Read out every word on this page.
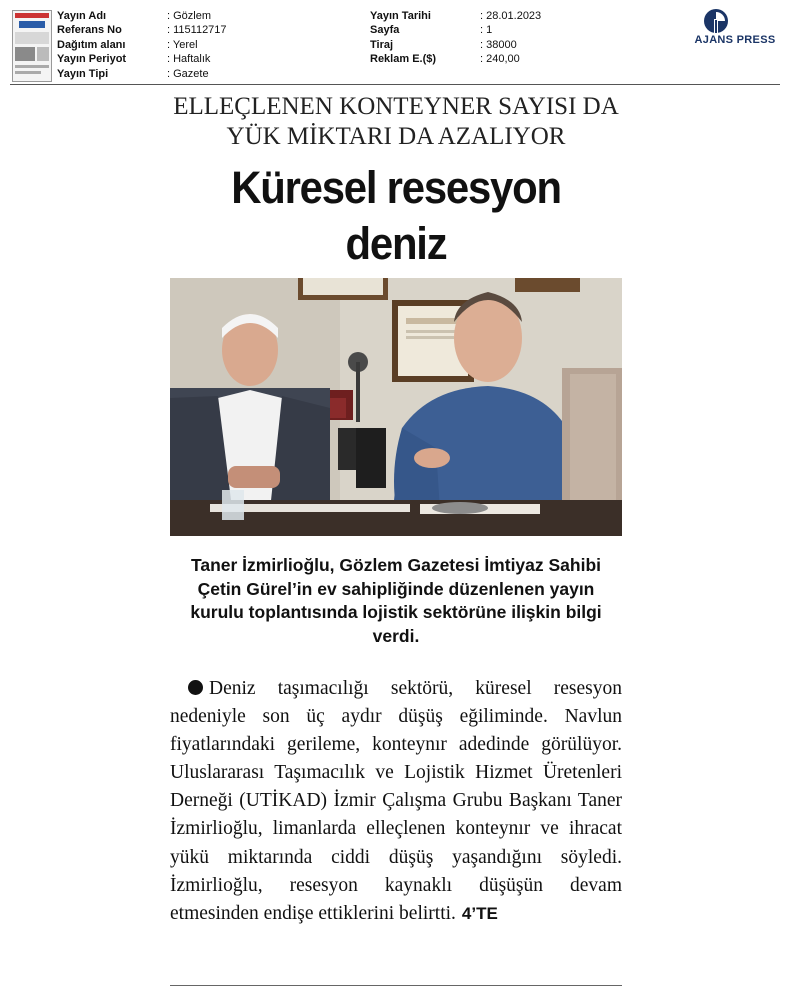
Yayın Adı	: Gözlem
Referans No	: 115112717
Dağıtım alanı	: Yerel
Yayın Periyot	: Haftalık
Yayın Tipi	: Gazete
Yayın Tarihi	: 28.01.2023
Sayfa	: 1
Tiraj	: 38000
Reklam E.($)	: 240,00
AJANS PRESS
ELLEÇLENEN KONTEYNER SAYISI DA
YÜK MİKTARI DA AZALIYOR
Küresel resesyon deniz
Taner İzmirlioğlu, Gözlem Gazetesi İmtiyaz Sahibi Çetin Gürel’in ev sahipliğinde düzenlenen yayın kurulu toplantısında lojistik sektörüne ilişkin bilgi verdi.
Deniz taşımacılığı sektörü, küresel resesyon nedeniyle son üç aydır düşüş eğiliminde. Navlun fiyatlarındaki gerileme, konteynır adedinde görülüyor. Uluslararası Taşımacılık ve Lojistik Hizmet Üretenleri Derneği (UTİKAD) İzmir Çalışma Grubu Başkanı Taner İzmirlioğlu, limanlarda elleçlenen konteynır ve ihracat yükü miktarında ciddi düşüş yaşandığını söyledi. İzmirlioğlu, resesyon kaynaklı düşüşün devam etmesinden endişe ettiklerini belirtti. 4’TE
